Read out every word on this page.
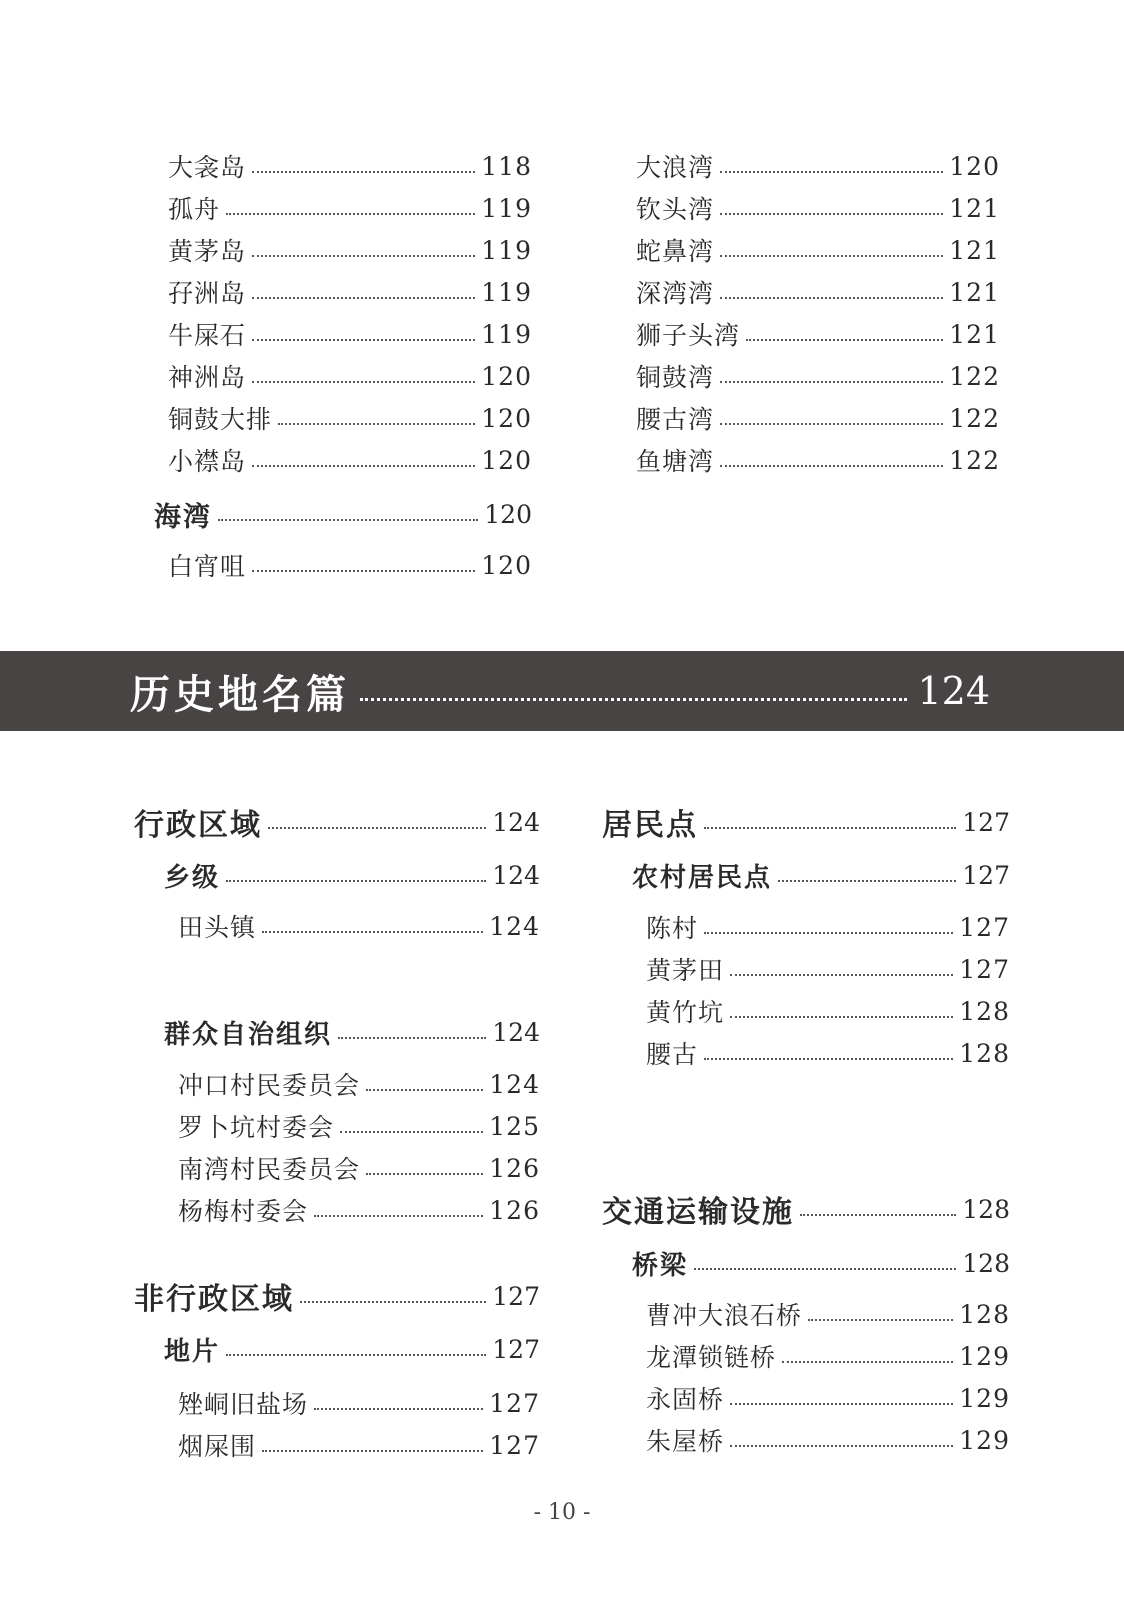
大衾岛	118
孤舟	119
黄茅岛	119
孖洲岛	119
牛屎石	119
神洲岛	120
铜鼓大排	120
小襟岛	120
海湾	120
白宵咀	120
大浪湾	120
钦头湾	121
蛇鼻湾	121
深湾湾	121
狮子头湾	121
铜鼓湾	122
腰古湾	122
鱼塘湾	122
历史地名篇	124
行政区域	124
乡级	124
田头镇	124
群众自治组织	124
冲口村民委员会	124
罗卜坑村委会	125
南湾村民委员会	126
杨梅村委会	126
非行政区域	127
地片	127
矬峒旧盐场	127
烟屎围	127
居民点	127
农村居民点	127
陈村	127
黄茅田	127
黄竹坑	128
腰古	128
交通运输设施	128
桥梁	128
曹冲大浪石桥	128
龙潭锁链桥	129
永固桥	129
朱屋桥	129
- 10 -
